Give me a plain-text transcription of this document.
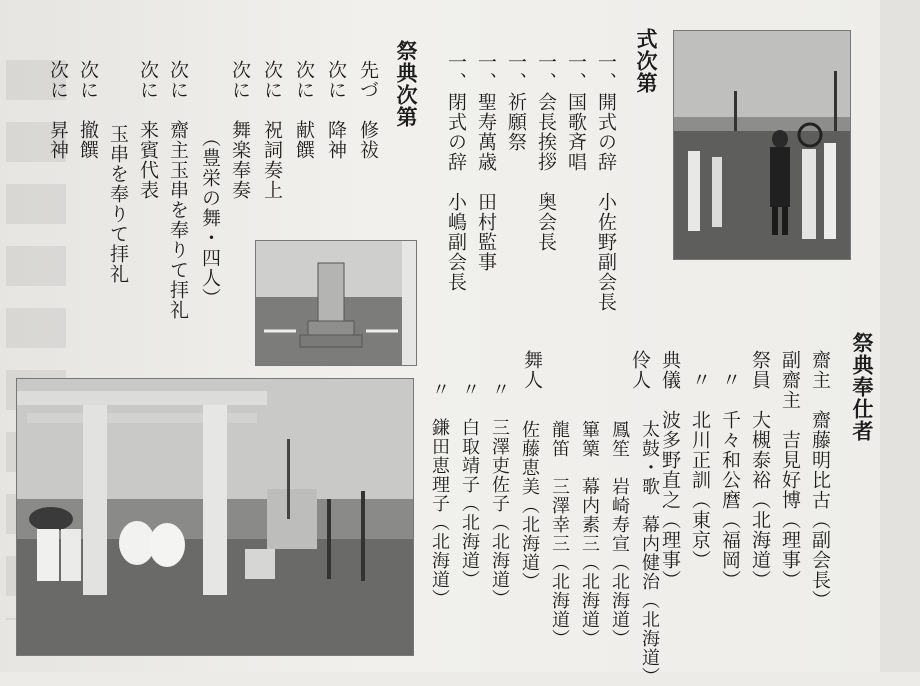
式次第
一、開式の辞　小佐野副会長
一、国歌斉唱
一、会長挨拶　奥会長
一、祈願祭
一、聖寿萬歳　田村監事
一、閉式の辞　小嶋副会長
祭典次第
先づ　修祓
次に　降神
次に　献饌
次に　祝詞奏上
次に　舞楽奉奏
（豊栄の舞・四人）
次に　齋主玉串を奉りて拝礼
次に　来賓代表
玉串を奉りて拝礼
次に　撤饌
次に　昇神
祭典奉仕者
齋主　齋藤明比古（副会長）
副齋主　吉見好博（理事）
祭員　大槻泰裕（北海道）
〃　千々和公麿（福岡）
〃　北川正訓（東京）
典儀　波多野直之（理事）
伶人
太鼓・歌　幕内健治（北海道）
鳳笙　岩崎寿宣（北海道）
篳篥　幕内素三（北海道）
龍笛　三澤幸三（北海道）
舞人
佐藤恵美（北海道）
〃　三澤吏佐子（北海道）
〃　白取靖子（北海道）
〃　鎌田恵理子（北海道）
